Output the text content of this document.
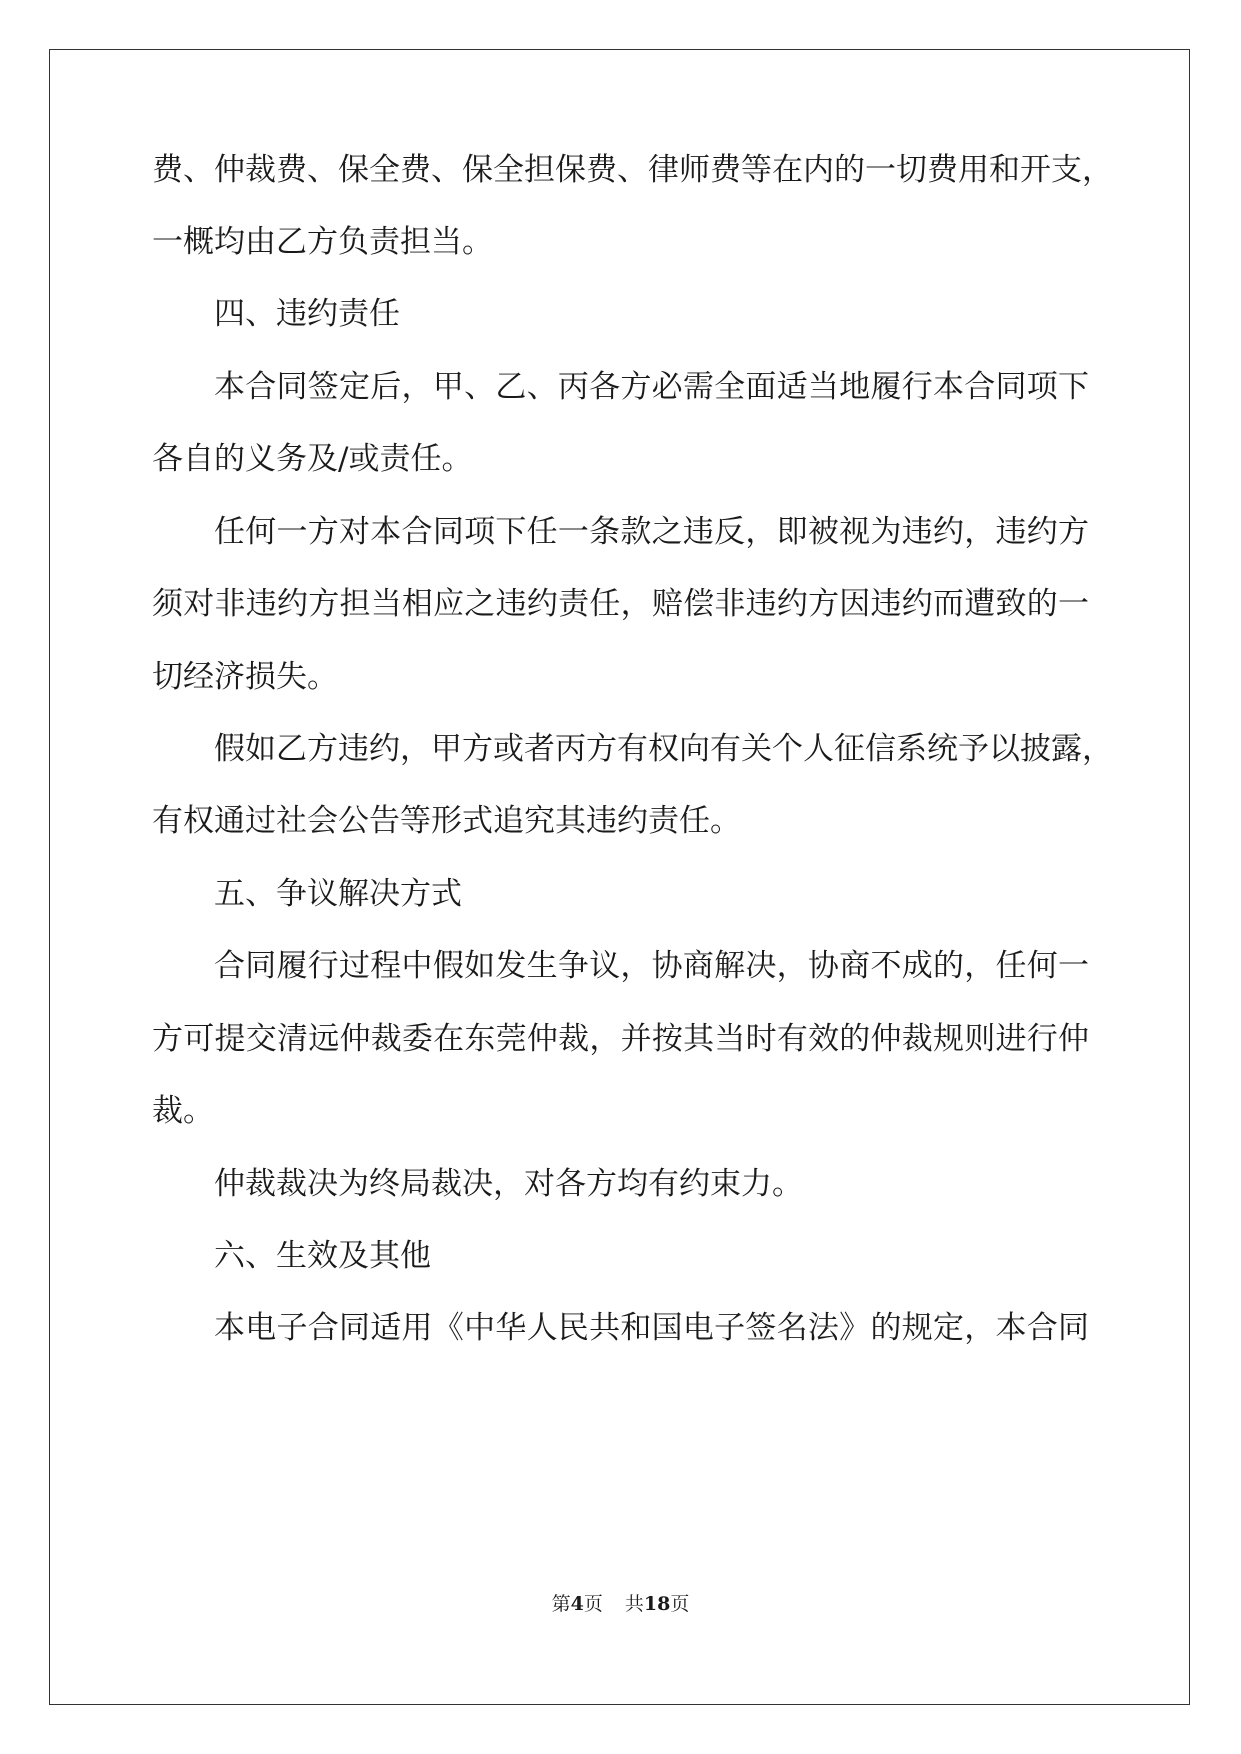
费、仲裁费、保全费、保全担保费、律师费等在内的一切费用和开支，
一概均由乙方负责担当。
四、违约责任
本合同签定后，甲、乙、丙各方必需全面适当地履行本合同项下
各自的义务及/或责任。
任何一方对本合同项下任一条款之违反，即被视为违约，违约方
须对非违约方担当相应之违约责任，赔偿非违约方因违约而遭致的一
切经济损失。
假如乙方违约，甲方或者丙方有权向有关个人征信系统予以披露，
有权通过社会公告等形式追究其违约责任。
五、争议解决方式
合同履行过程中假如发生争议，协商解决，协商不成的，任何一
方可提交清远仲裁委在东莞仲裁，并按其当时有效的仲裁规则进行仲
裁。
仲裁裁决为终局裁决，对各方均有约束力。
六、生效及其他
本电子合同适用《中华人民共和国电子签名法》的规定，本合同
第4页 共18页
